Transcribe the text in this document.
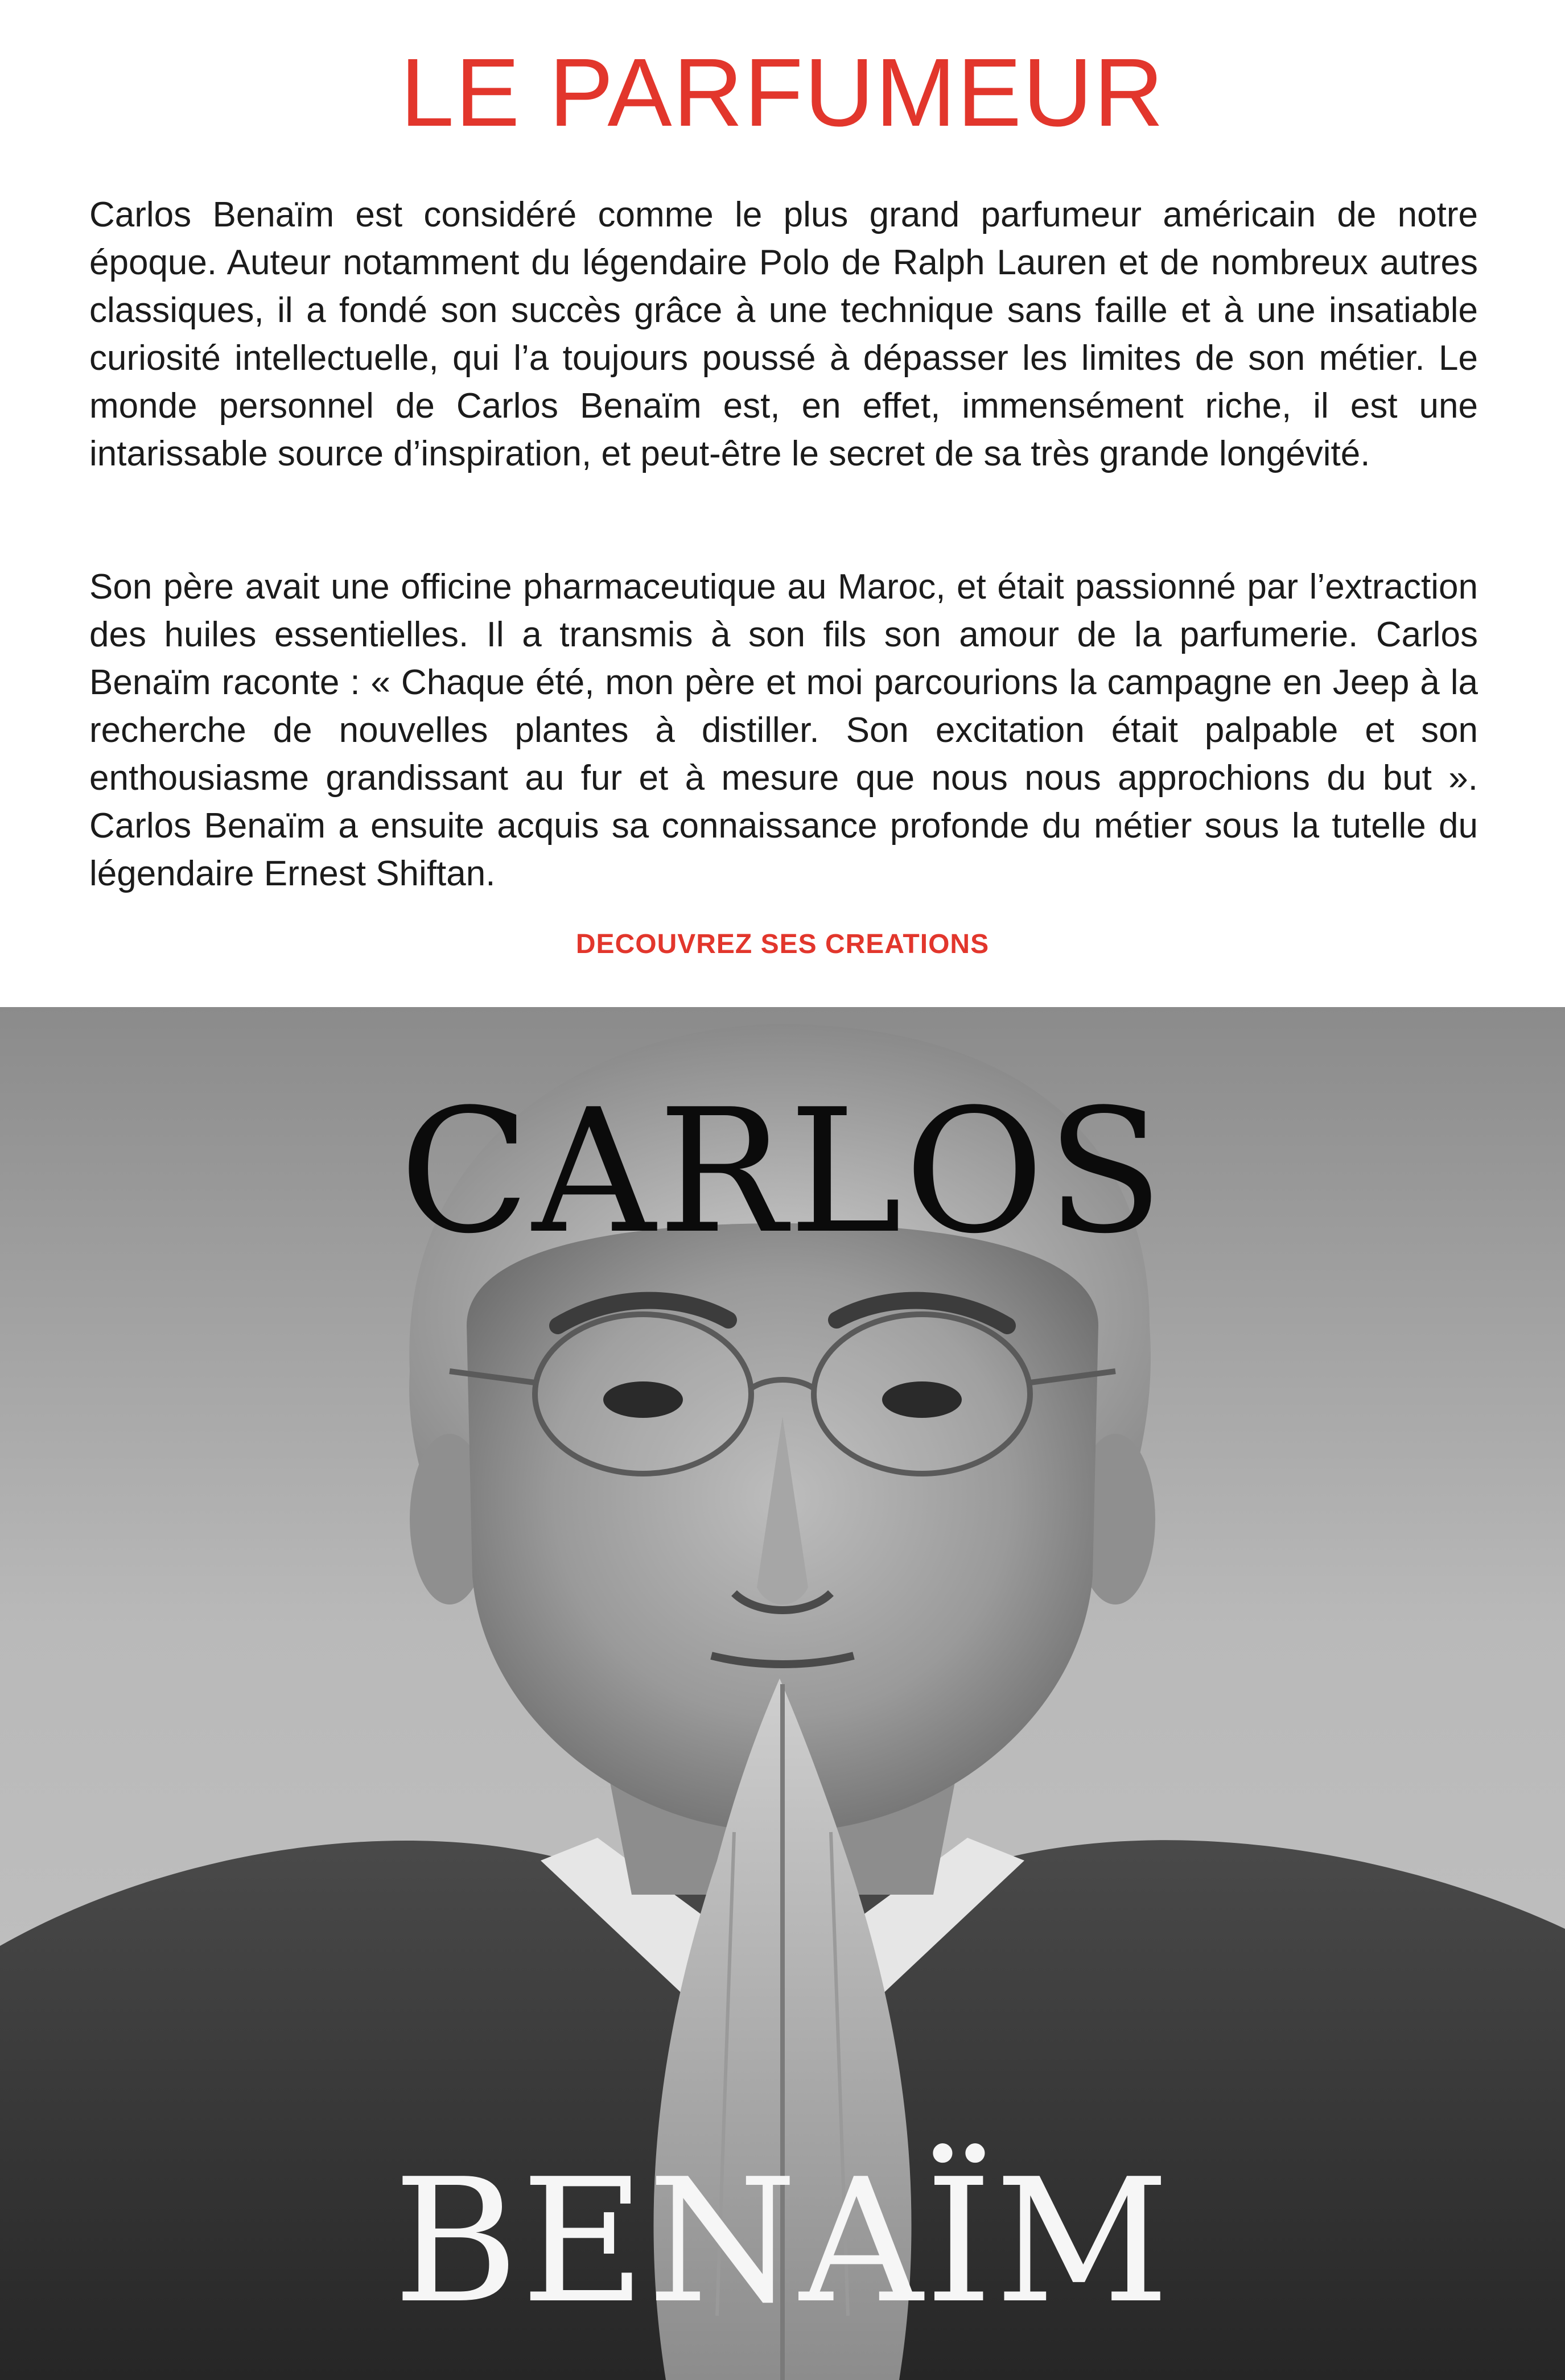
LE PARFUMEUR

Carlos Benaïm est considéré comme le plus grand parfumeur américain de notre époque. Auteur notamment du légendaire Polo de Ralph Lauren et de nombreux autres classiques, il a fondé son succès grâce à une technique sans faille et à une insatiable curiosité intellectuelle, qui l’a toujours poussé à dépasser les limites de son métier. Le monde personnel de Carlos Benaïm est, en effet, immensément riche, il est une intarissable source d’inspiration, et peut-être le secret de sa très grande longévité.

Son père avait une officine pharmaceutique au Maroc, et était passionné par l’extraction des huiles essentielles. Il a transmis à son fils son amour de la parfumerie. Carlos Benaïm raconte : « Chaque été, mon père et moi parcourions la campagne en Jeep à la recherche de nouvelles plantes à distiller. Son excitation était palpable et son enthousiasme grandissant au fur et à mesure que nous nous approchions du but ». Carlos Benaïm a ensuite acquis sa connaissance profonde du métier sous la tutelle du légendaire Ernest Shiftan.

DECOUVREZ SES CREATIONS
CARLOS
BENAÏM
